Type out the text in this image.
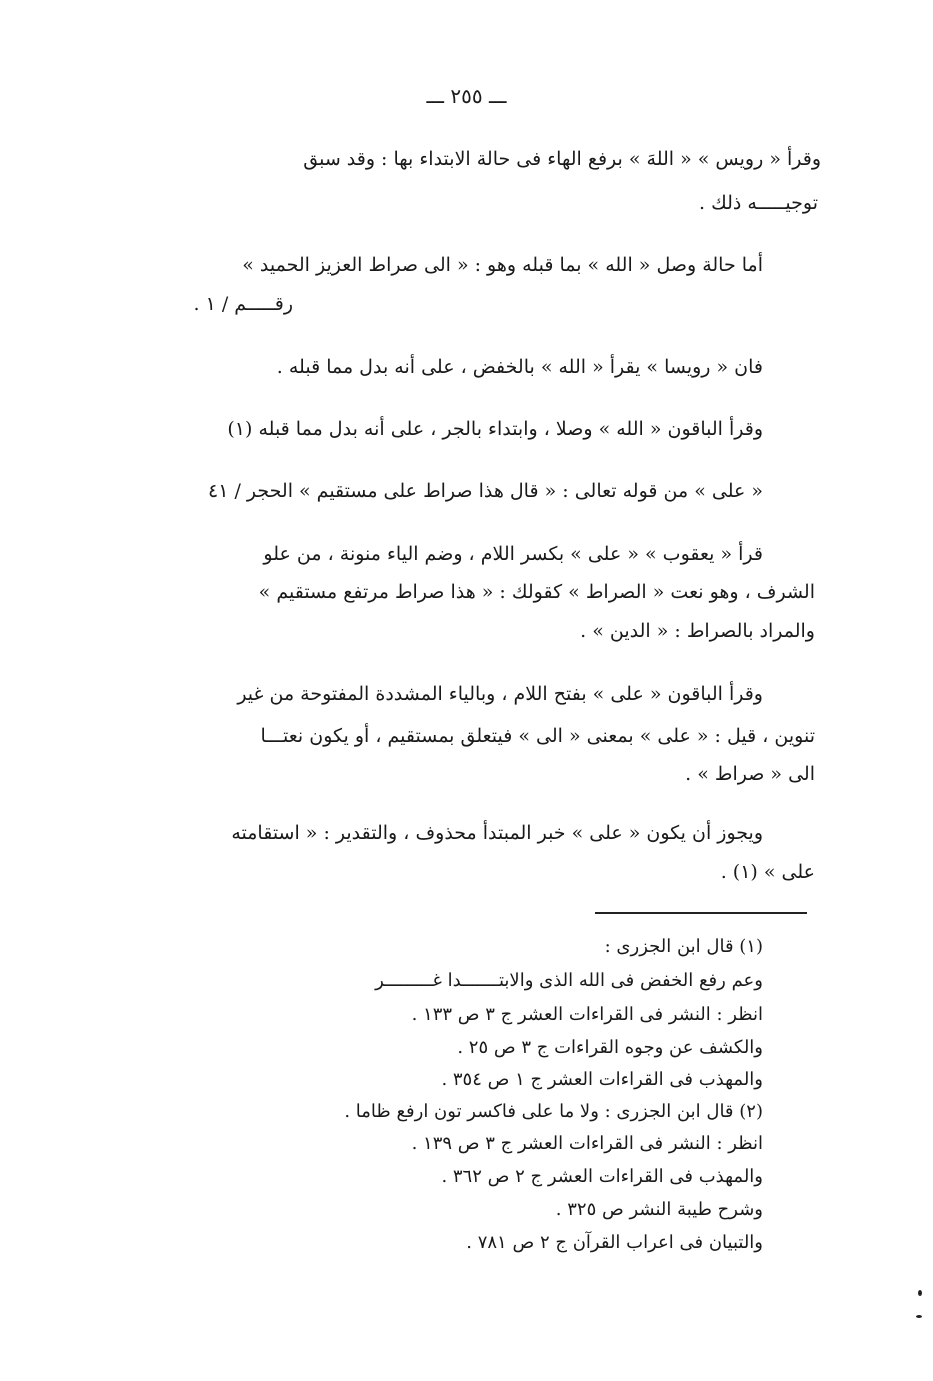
ـــ ٢٥٥ ـــ
وقرأ « رويس » « اللهَ » برفع الهاء فى حالة الابتداء بها : وقد سبق
توجيـــــه ذلك .
أما حالة وصل « الله » بما قبله وهو : « الى صراط العزيز الحميد »
رقـــــم / ١ .
فان « رويسا » يقرأ « الله » بالخفض ، على أنه بدل مما قبله .
وقرأ الباقون « الله » وصلا ، وابتداء بالجر ، على أنه بدل مما قبله (١)
« على » من قوله تعالى : « قال هذا صراط على مستقيم » الحجر / ٤١
قرأ « يعقوب » « على » بكسر اللام ، وضم الياء منونة ، من علو
الشرف ، وهو نعت « الصراط » كقولك : « هذا صراط مرتفع مستقيم »
والمراد بالصراط : « الدين » .
وقرأ الباقون « على » بفتح اللام ، وبالياء المشددة المفتوحة من غير
تنوين ، قيل : « على » بمعنى « الى » فيتعلق بمستقيم ، أو يكون نعتـــا
الى « صراط » .
ويجوز أن يكون « على » خبر المبتدأ محذوف ، والتقدير : « استقامته
على » (١) .
(١) قال ابن الجزرى :
وعم رفع الخفض فى الله الذى والابتـــــــدا غـــــــــر
انظر : النشر فى القراءات العشر ج ٣ ص ١٣٣ .
والكشف عن وجوه القراءات ج ٣ ص ٢٥ .
والمهذب فى القراءات العشر ج ١ ص ٣٥٤ .
(٢) قال ابن الجزرى : ولا ما على فاكسر تون ارفع ظاما .
انظر : النشر فى القراءات العشر ج ٣ ص ١٣٩ .
والمهذب فى القراءات العشر ج ٢ ص ٣٦٢ .
وشرح طيبة النشر ص ٣٢٥ .
والتبيان فى اعراب القرآن ج ٢ ص ٧٨١ .
